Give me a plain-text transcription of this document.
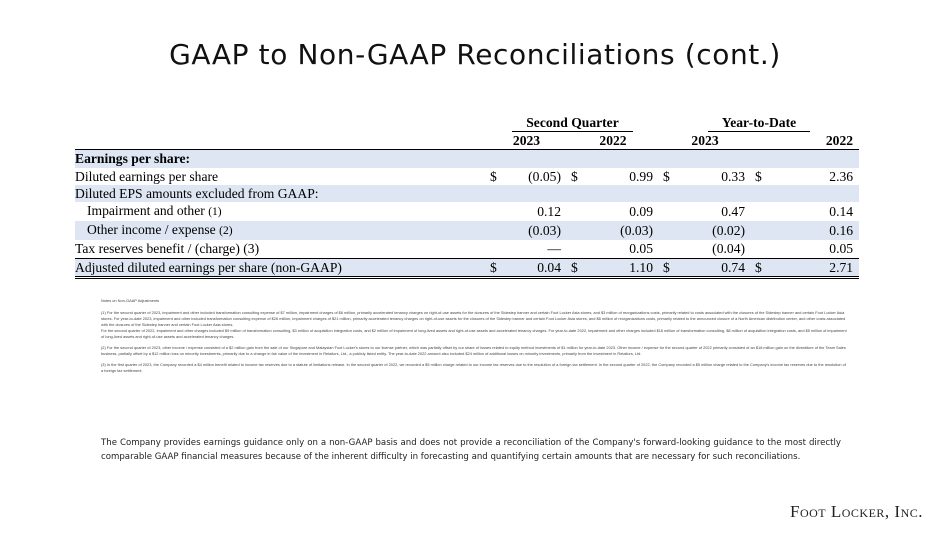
GAAP to Non-GAAP Reconciliations (cont.)
	Second Quarter				Year-to-Date			
	2023		2022		2023		2022	
Earnings per share:								
Diluted earnings per share	$	(0.05)	$	0.99	$	0.33	$	2.36
Diluted EPS amounts excluded from GAAP:								
Impairment and other (1)		0.12		0.09		0.47		0.14
Other income / expense (2)		(0.03)		(0.03)		(0.02)		0.16
Tax reserves benefit / (charge) (3)		—		0.05		(0.04)		0.05
Adjusted diluted earnings per share (non-GAAP)	$	0.04	$	1.10	$	0.74	$	2.71

Notes on Non-GAAP Adjustments

(1) For the second quarter of 2023, impairment and other included transformation consulting expense of $7 million, impairment charges of $6 million, primarily accelerated tenancy charges on right-of-use assets for the closures of the Sidestep banner and certain Foot Locker Asia stores, and $3 million of reorganizations costs, primarily related to costs associated with the closures of the Sidestep banner and certain Foot Locker Asia stores. For year-to-date 2023, impairment and other included transformation consulting expense of $26 million, impairment charges of $21 million, primarily accelerated tenancy charges on right-of-use assets for the closures of the Sidestep banner and certain Foot Locker Asia stores, and $8 million of reorganizations costs, primarily related to the announced closure of a North American distribution center, and other costs associated with the closures of the Sidestep banner and certain Foot Locker Asia stores.
For the second quarter of 2022, impairment and other charges included $9 million of transformation consulting, $3 million of acquisition integration costs, and $2 million of impairment of long-lived assets and right-of-use assets and accelerated tenancy charges. For year-to-date 2022, impairment and other charges included $16 million of transformation consulting, $8 million of acquisition integration costs, and $5 million of impairment of long-lived assets and right-of-use assets and accelerated tenancy charges.

(2) For the second quarter of 2023, other income / expense consisted of a $2 million gain from the sale of our Singapore and Malaysian Foot Locker's stores to our license partner, which was partially offset by our share of losses related to equity method investments of $1 million for year-to-date 2023. Other income / expense for the second quarter of 2022 primarily consisted of an $18 million gain on the divestiture of the Team Sales business, partially offset by a $12 million loss on minority investments, primarily due to a change in fair value of the investment in Retailors, Ltd., a publicly listed entity. The year-to-date 2022 amount also included $24 million of additional losses on minority investments, primarily from the investment in Retailors, Ltd.

(3) In the first quarter of 2023, the Company recorded a $4 million benefit related to income tax reserves due to a statute of limitations release. In the second quarter of 2022, we recorded a $5 million charge related to our income tax reserves due to the resolution of a foreign tax settlement. In the second quarter of 2022, the Company recorded a $5 million charge related to the Company's income tax reserves due to the resolution of a foreign tax settlement.

The Company provides earnings guidance only on a non-GAAP basis and does not provide a reconciliation of the Company's forward-looking guidance to the most directly comparable GAAP financial measures because of the inherent difficulty in forecasting and quantifying certain amounts that are necessary for such reconciliations.
Foot Locker, Inc.
